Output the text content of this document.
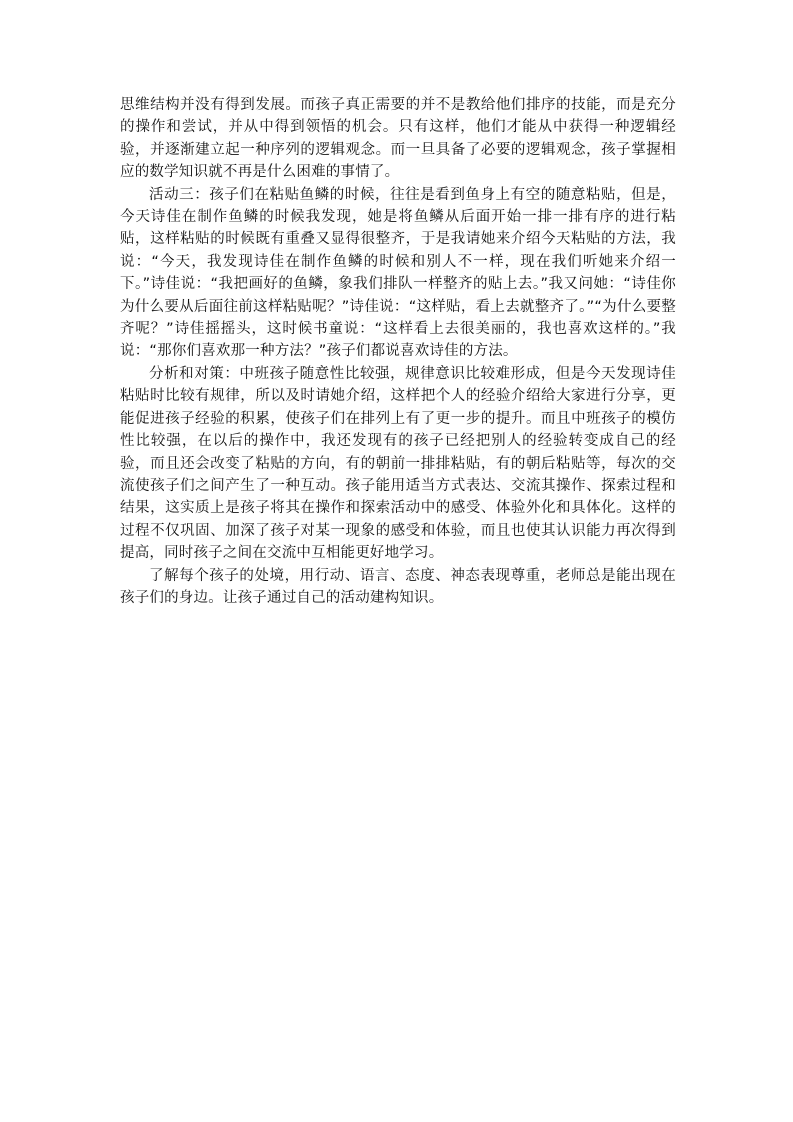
思维结构并没有得到发展。而孩子真正需要的并不是教给他们排序的技能，而是充分的操作和尝试，并从中得到领悟的机会。只有这样，他们才能从中获得一种逻辑经验，并逐渐建立起一种序列的逻辑观念。而一旦具备了必要的逻辑观念，孩子掌握相应的数学知识就不再是什么困难的事情了。

活动三：孩子们在粘贴鱼鳞的时候，往往是看到鱼身上有空的随意粘贴，但是，今天诗佳在制作鱼鳞的时候我发现，她是将鱼鳞从后面开始一排一排有序的进行粘贴，这样粘贴的时候既有重叠又显得很整齐，于是我请她来介绍今天粘贴的方法，我说：“今天，我发现诗佳在制作鱼鳞的时候和别人不一样，现在我们听她来介绍一下。”诗佳说：“我把画好的鱼鳞，象我们排队一样整齐的贴上去。”我又问她：“诗佳你为什么要从后面往前这样粘贴呢？”诗佳说：“这样贴，看上去就整齐了。”“为什么要整齐呢？”诗佳摇摇头，这时候书童说：“这样看上去很美丽的，我也喜欢这样的。”我说：“那你们喜欢那一种方法？”孩子们都说喜欢诗佳的方法。

分析和对策：中班孩子随意性比较强，规律意识比较难形成，但是今天发现诗佳粘贴时比较有规律，所以及时请她介绍，这样把个人的经验介绍给大家进行分享，更能促进孩子经验的积累，使孩子们在排列上有了更一步的提升。而且中班孩子的模仿性比较强，在以后的操作中，我还发现有的孩子已经把别人的经验转变成自己的经验，而且还会改变了粘贴的方向，有的朝前一排排粘贴，有的朝后粘贴等，每次的交流使孩子们之间产生了一种互动。孩子能用适当方式表达、交流其操作、探索过程和结果，这实质上是孩子将其在操作和探索活动中的感受、体验外化和具体化。这样的过程不仅巩固、加深了孩子对某一现象的感受和体验，而且也使其认识能力再次得到提高，同时孩子之间在交流中互相能更好地学习。

了解每个孩子的处境，用行动、语言、态度、神态表现尊重，老师总是能出现在孩子们的身边。让孩子通过自己的活动建构知识。
